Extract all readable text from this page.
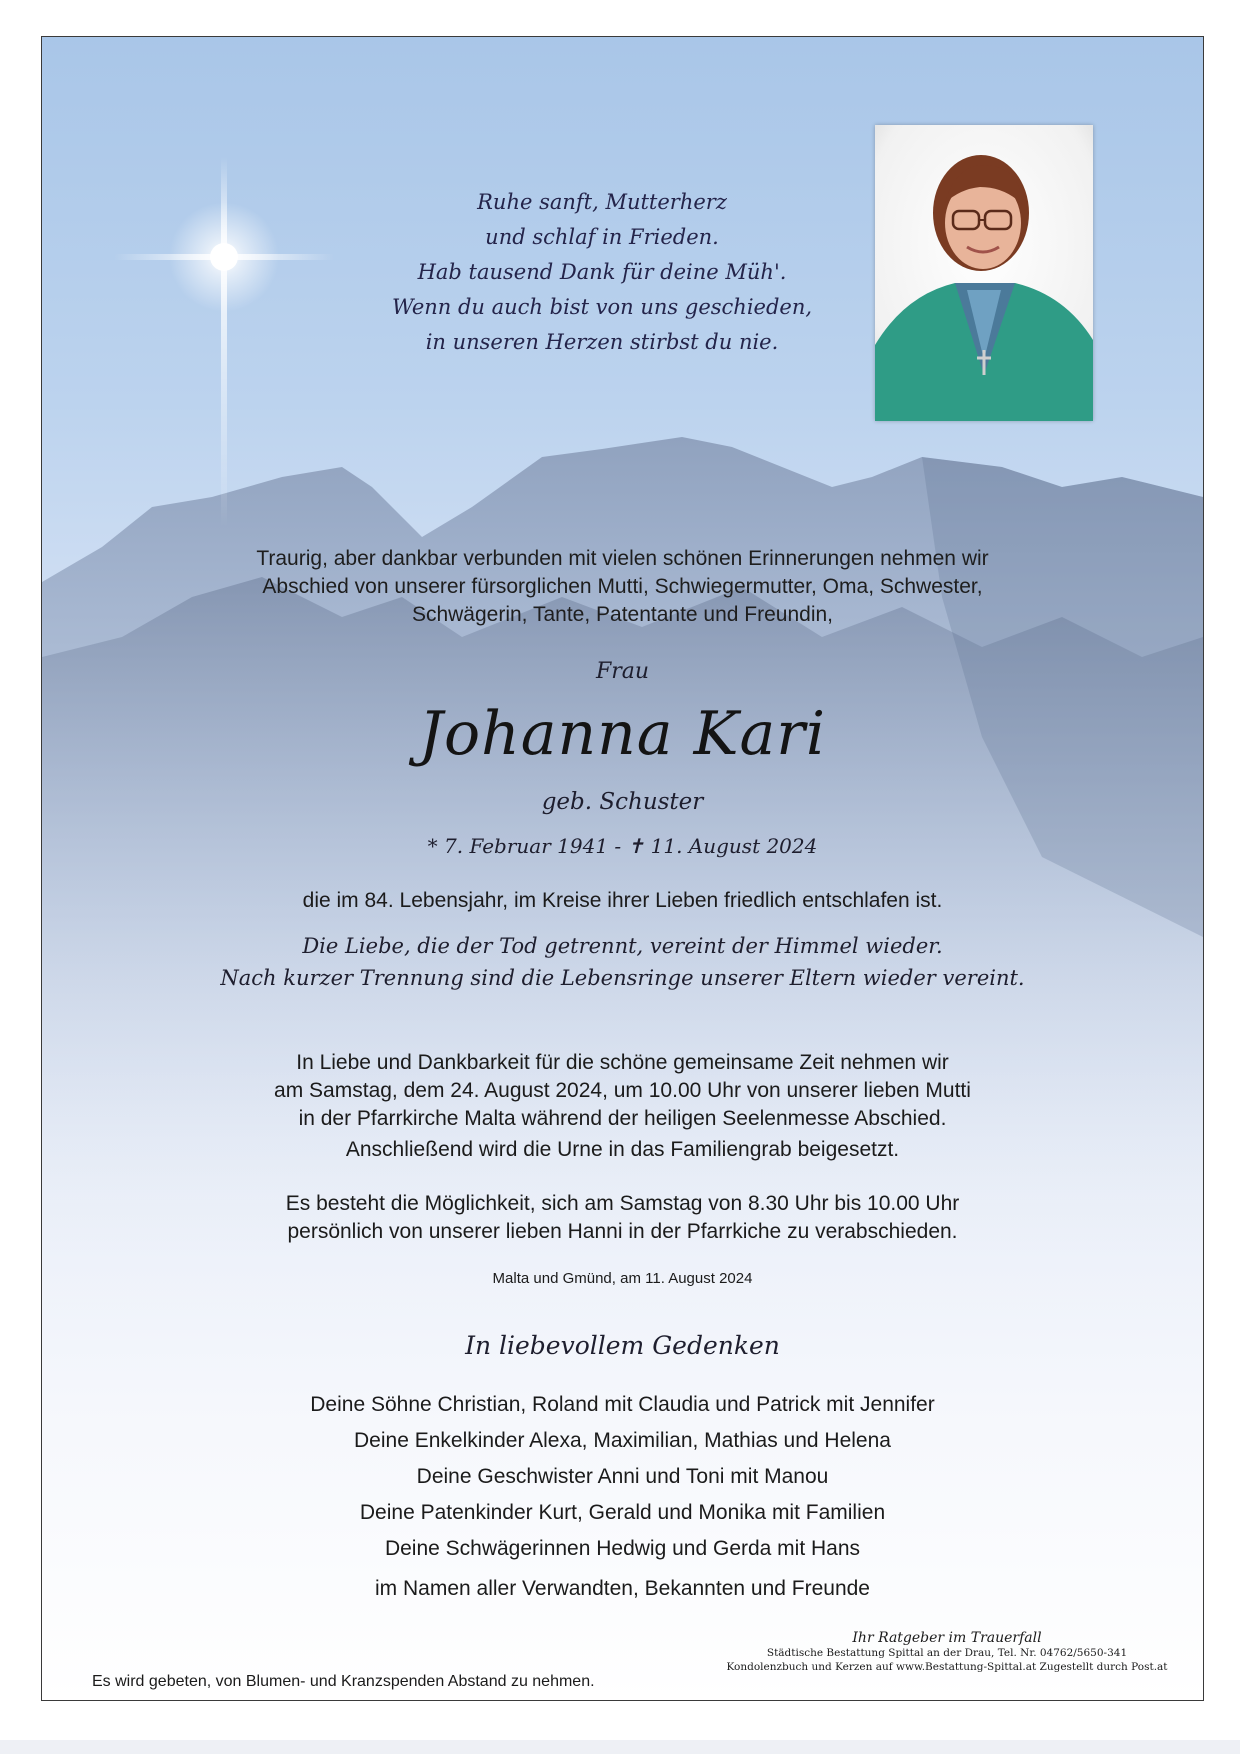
Ruhe sanft, Mutterherz
und schlaf in Frieden.
Hab tausend Dank für deine Müh'.
Wenn du auch bist von uns geschieden,
in unseren Herzen stirbst du nie.
Traurig, aber dankbar verbunden mit vielen schönen Erinnerungen nehmen wir
Abschied von unserer fürsorglichen Mutti, Schwiegermutter, Oma, Schwester,
Schwägerin, Tante, Patentante und Freundin,
Frau
Johanna Kari
geb. Schuster
* 7. Februar 1941 - ✝ 11. August 2024
die im 84. Lebensjahr, im Kreise ihrer Lieben friedlich entschlafen ist.
Die Liebe, die der Tod getrennt, vereint der Himmel wieder.
Nach kurzer Trennung sind die Lebensringe unserer Eltern wieder vereint.
In Liebe und Dankbarkeit für die schöne gemeinsame Zeit nehmen wir
am Samstag, dem 24. August 2024, um 10.00 Uhr von unserer lieben Mutti
in der Pfarrkirche Malta während der heiligen Seelenmesse Abschied.
Anschließend wird die Urne in das Familiengrab beigesetzt.
Es besteht die Möglichkeit, sich am Samstag von 8.30 Uhr bis 10.00 Uhr
persönlich von unserer lieben Hanni in der Pfarrkiche zu verabschieden.
Malta und Gmünd, am 11. August 2024
In liebevollem Gedenken
Deine Söhne Christian, Roland mit Claudia und Patrick mit Jennifer
Deine Enkelkinder Alexa, Maximilian, Mathias und Helena
Deine Geschwister Anni und Toni mit Manou
Deine Patenkinder Kurt, Gerald und Monika mit Familien
Deine Schwägerinnen Hedwig und Gerda mit Hans
im Namen aller Verwandten, Bekannten und Freunde
Es wird gebeten, von Blumen- und Kranzspenden Abstand zu nehmen.
Ihr Ratgeber im Trauerfall
Städtische Bestattung Spittal an der Drau, Tel. Nr. 04762/5650-341
Kondolenzbuch und Kerzen auf www.Bestattung-Spittal.at Zugestellt durch Post.at
